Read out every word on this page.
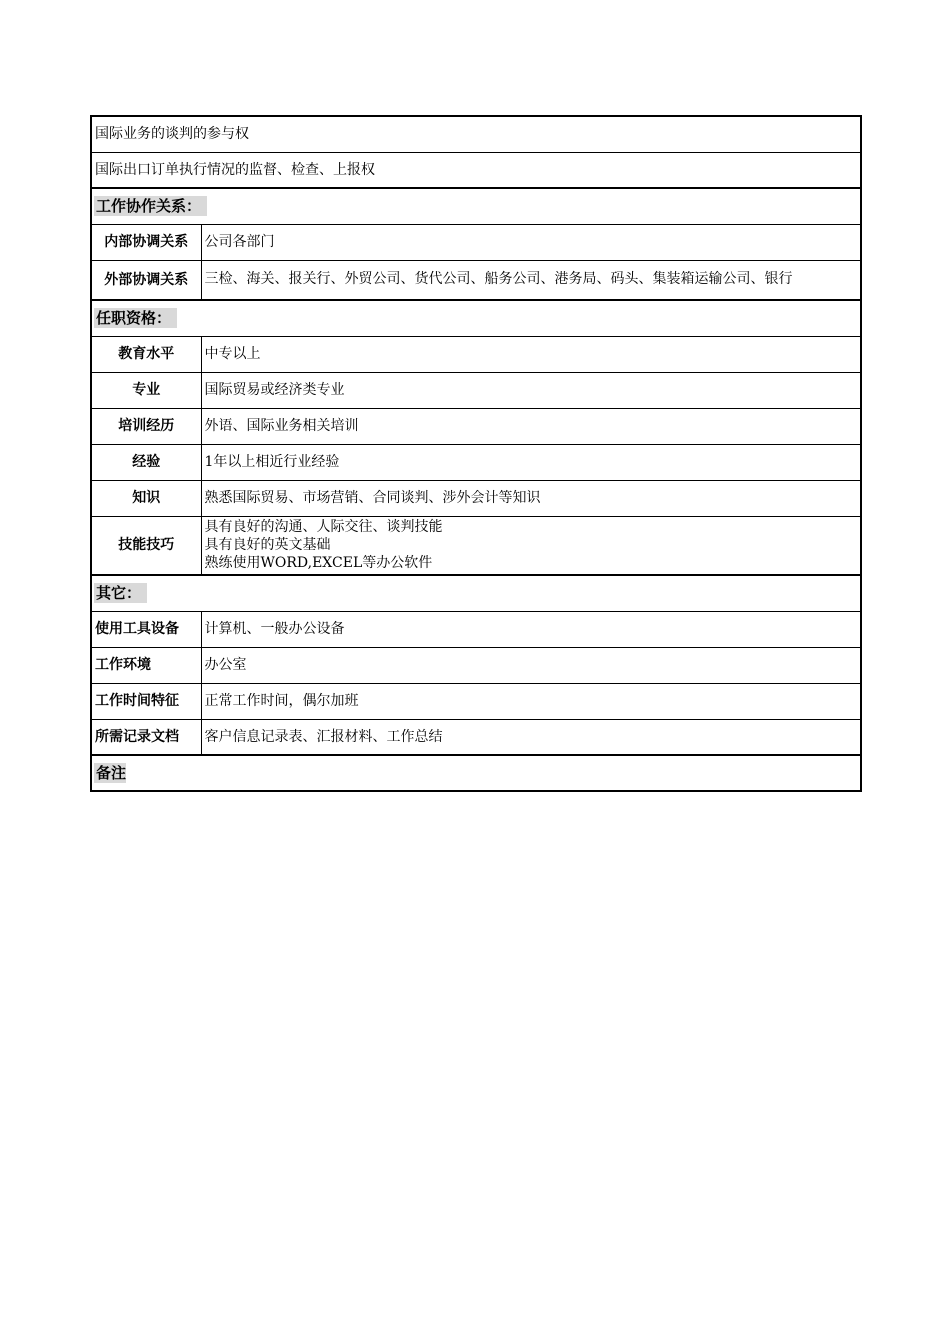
国际业务的谈判的参与权	
国际出口订单执行情况的监督、检查、上报权	
工作协作关系：	
内部协调关系	公司各部门
外部协调关系	三检、海关、报关行、外贸公司、货代公司、船务公司、港务局、码头、集装箱运输公司、银行
任职资格：	
教育水平	中专以上
专业	国际贸易或经济类专业
培训经历	外语、国际业务相关培训
经验	1年以上相近行业经验
知识	熟悉国际贸易、市场营销、合同谈判、涉外会计等知识
技能技巧	具有良好的沟通、人际交往、谈判技能
具有良好的英文基础
熟练使用WORD,EXCEL等办公软件

其它：	
使用工具设备	计算机、一般办公设备
工作环境	办公室
工作时间特征	正常工作时间，偶尔加班
所需记录文档	客户信息记录表、汇报材料、工作总结
备注	
